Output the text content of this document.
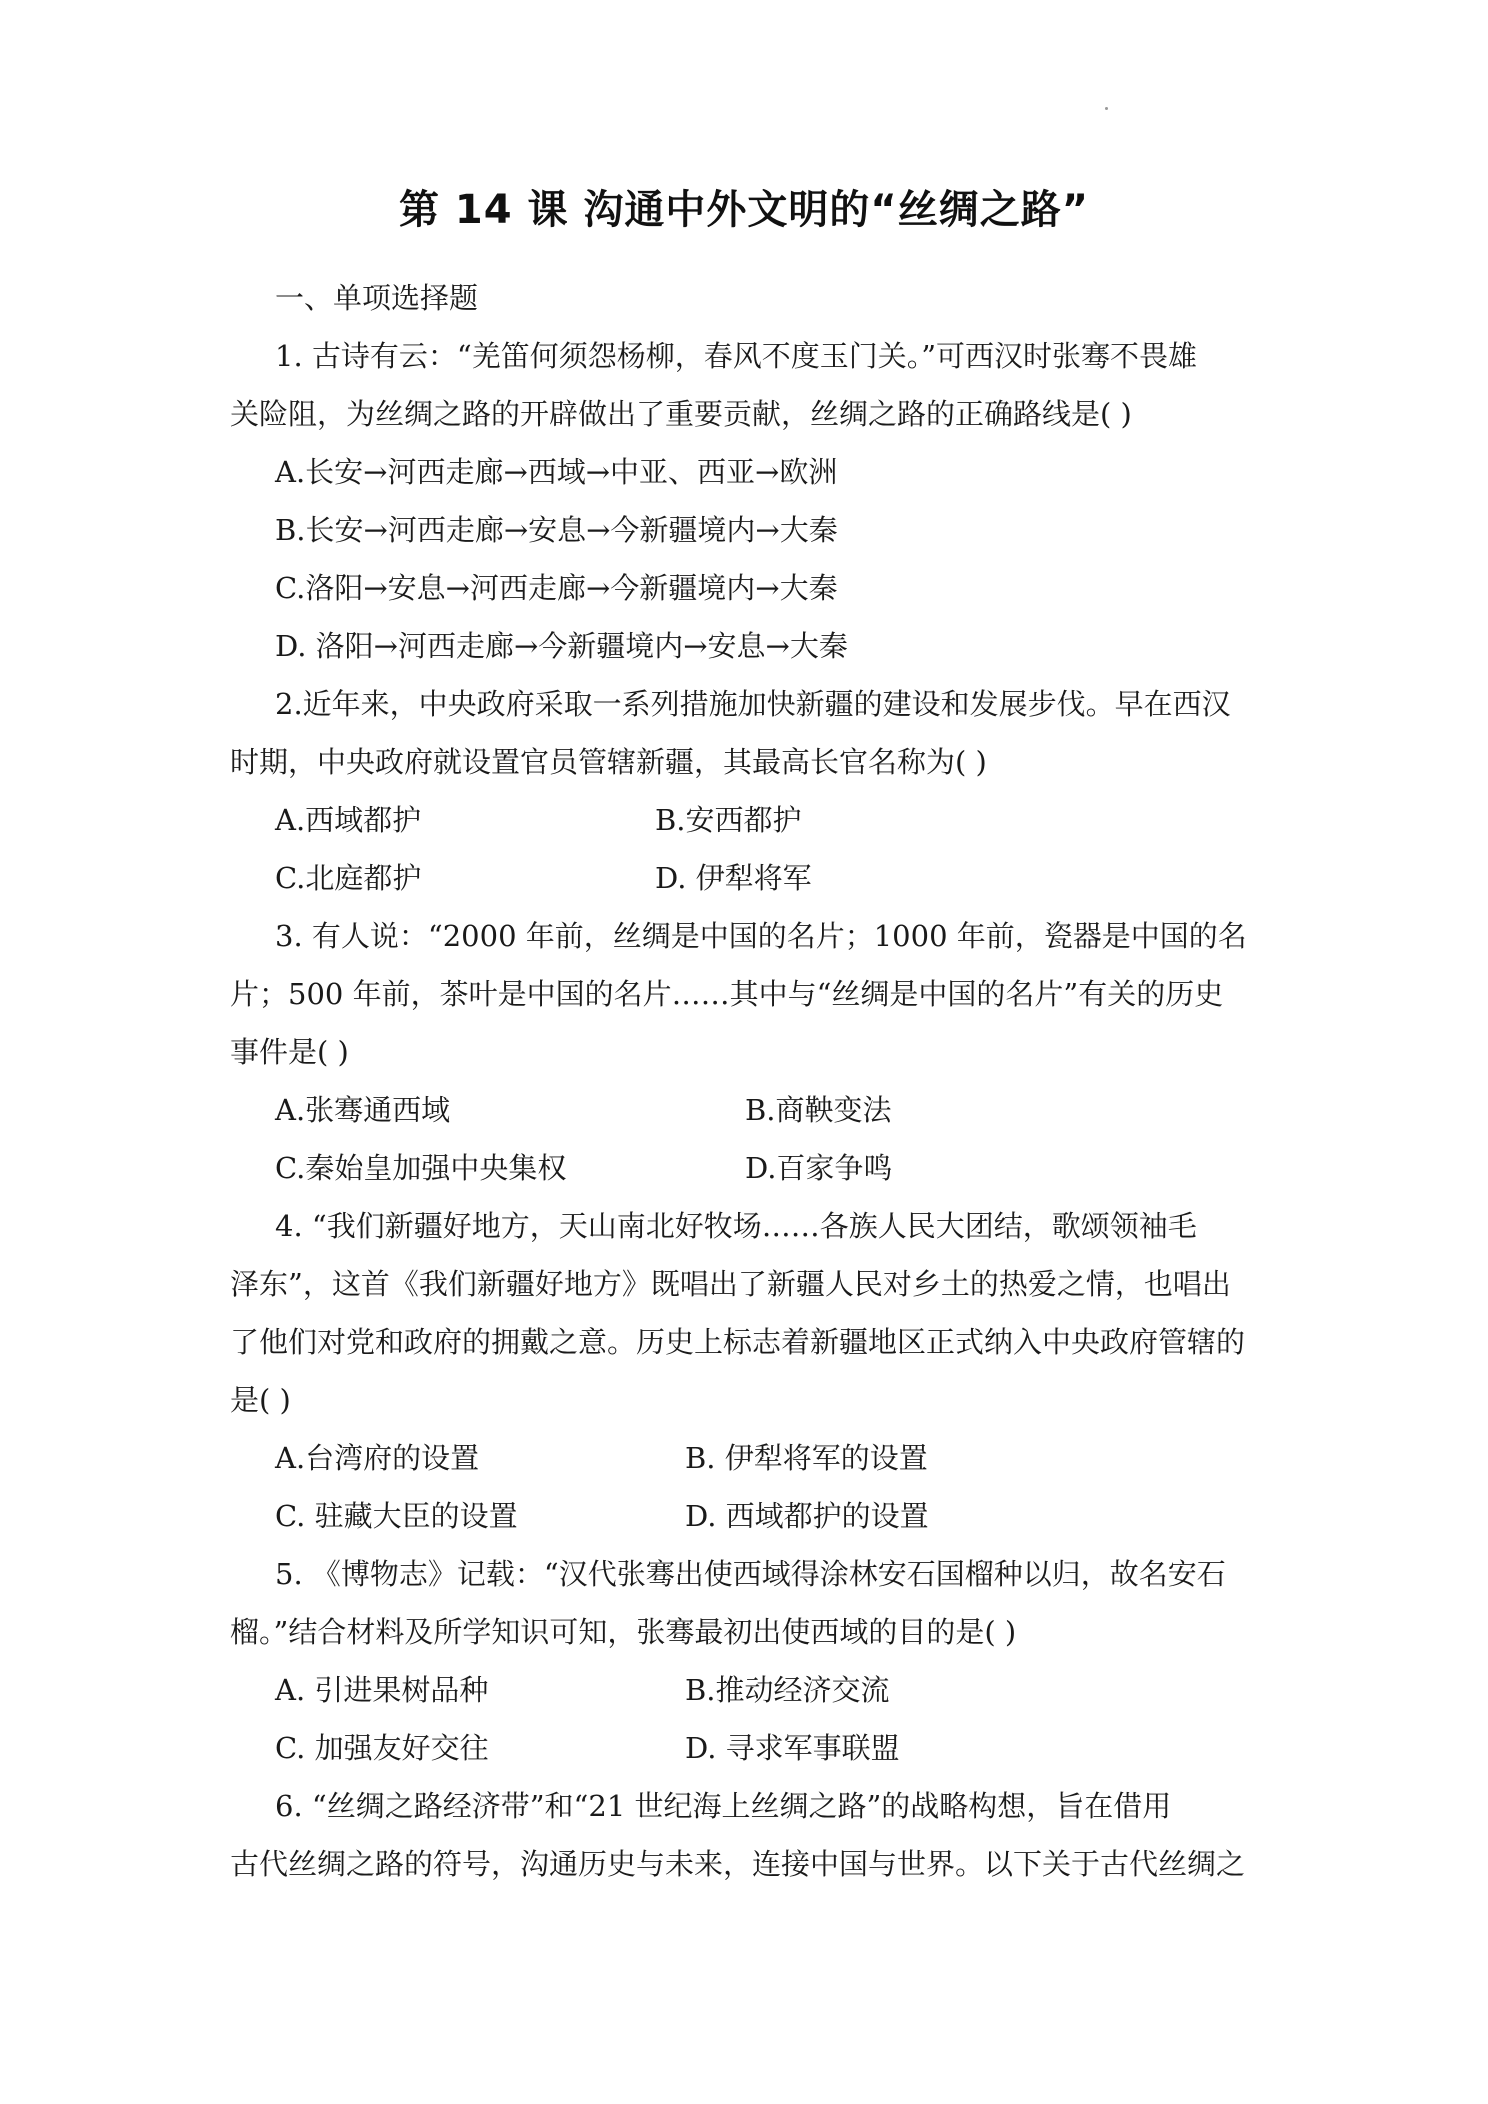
第 14 课 沟通中外文明的“丝绸之路”
一、单项选择题
1. 古诗有云：“羌笛何须怨杨柳，春风不度玉门关。”可西汉时张骞不畏雄
关险阻，为丝绸之路的开辟做出了重要贡献，丝绸之路的正确路线是( )
A.长安→河西走廊→西域→中亚、西亚→欧洲
B.长安→河西走廊→安息→今新疆境内→大秦
C.洛阳→安息→河西走廊→今新疆境内→大秦
D. 洛阳→河西走廊→今新疆境内→安息→大秦
2.近年来，中央政府采取一系列措施加快新疆的建设和发展步伐。早在西汉
时期，中央政府就设置官员管辖新疆，其最高长官名称为( )
A.西域都护	B.安西都护
C.北庭都护	D. 伊犁将军
3. 有人说：“2000 年前，丝绸是中国的名片；1000 年前，瓷器是中国的名
片；500 年前，茶叶是中国的名片……其中与“丝绸是中国的名片”有关的历史
事件是( )
A.张骞通西域	B.商鞅变法
C.秦始皇加强中央集权	D.百家争鸣
4. “我们新疆好地方，天山南北好牧场……各族人民大团结，歌颂领袖毛
泽东”，这首《我们新疆好地方》既唱出了新疆人民对乡土的热爱之情，也唱出
了他们对党和政府的拥戴之意。历史上标志着新疆地区正式纳入中央政府管辖的
是( )
A.台湾府的设置	B. 伊犁将军的设置
C. 驻藏大臣的设置	D. 西域都护的设置
5. 《博物志》记载：“汉代张骞出使西域得涂林安石国榴种以归，故名安石
榴。”结合材料及所学知识可知，张骞最初出使西域的目的是( )
A. 引进果树品种	B.推动经济交流
C. 加强友好交往	D. 寻求军事联盟
6. “丝绸之路经济带”和“21 世纪海上丝绸之路”的战略构想，旨在借用
古代丝绸之路的符号，沟通历史与未来，连接中国与世界。以下关于古代丝绸之
